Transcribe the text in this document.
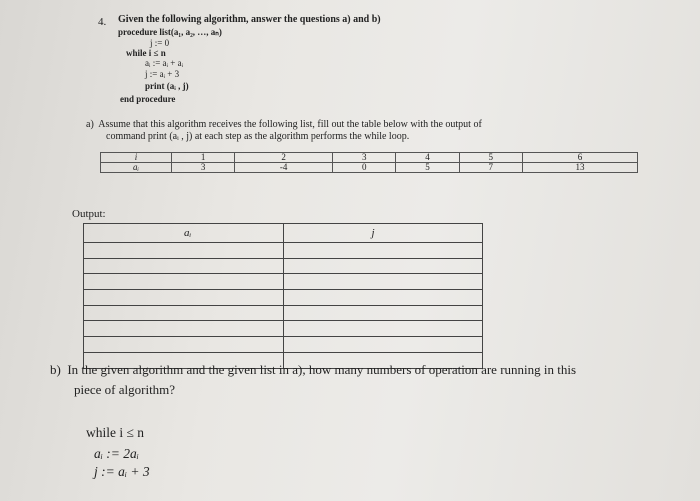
4. Given the following algorithm, answer the questions a) and b)
procedure list(a₁, a₂, …, aₙ)
j := 0
while i ≤ n
aᵢ := aᵢ + aᵢ
j := aᵢ + 3
print (aᵢ , j)
end procedure
a) Assume that this algorithm receives the following list, fill out the table below with the output of
command print (aᵢ , j) at each step as the algorithm performs the while loop.
i	1	2	3	4	5	6
aᵢ	3	-4	0	5	7	13
Output:
aᵢ	j

b) In the given algorithm and the given list in a), how many numbers of operation are running in this
piece of algorithm?
while i ≤ n
aᵢ := 2aᵢ
j := aᵢ + 3
